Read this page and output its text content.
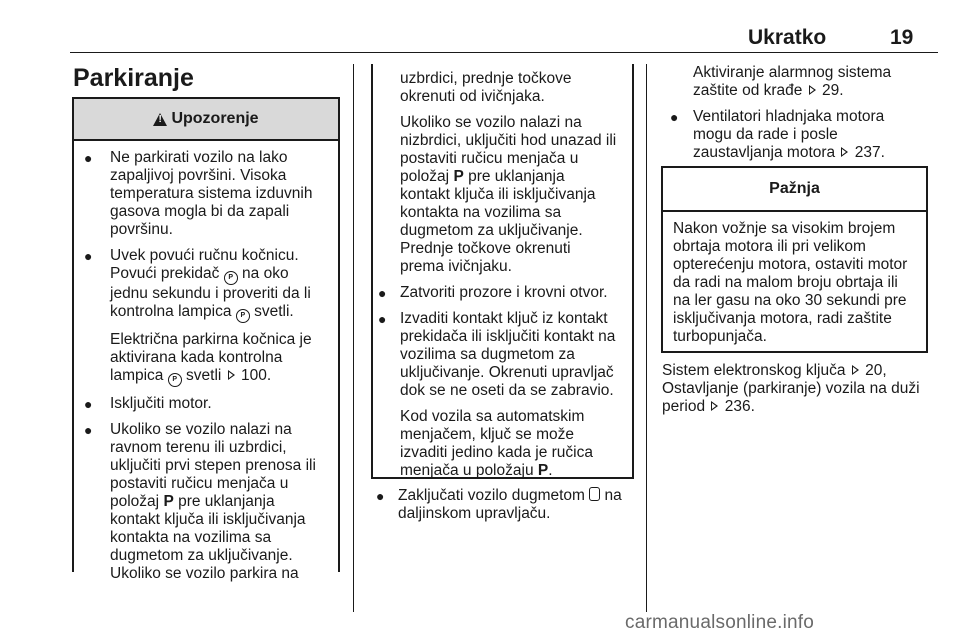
Ukratko	19
Parkiranje
!
Upozorenje
● Ne parkirati vozilo na lako
zapaljivoj površini. Visoka
temperatura sistema izduvnih
gasova mogla bi da zapali
površinu.
● Uvek povući ručnu kočnicu.
Povući prekidač P na oko
jednu sekundu i proveriti da li
kontrolna lampica P svetli.
Električna parkirna kočnica je
aktivirana kada kontrolna
lampica P svetli  100.
● Isključiti motor.
● Ukoliko se vozilo nalazi na
ravnom terenu ili uzbrdici,
uključiti prvi stepen prenosa ili
postaviti ručicu menjača u
položaj P pre uklanjanja
kontakt ključa ili isključivanja
kontakta na vozilima sa
dugmetom za uključivanje.
Ukoliko se vozilo parkira na
uzbrdici, prednje točkove
okrenuti od ivičnjaka.
Ukoliko se vozilo nalazi na
nizbrdici, uključiti hod unazad ili
postaviti ručicu menjača u
položaj P pre uklanjanja
kontakt ključa ili isključivanja
kontakta na vozilima sa
dugmetom za uključivanje.
Prednje točkove okrenuti
prema ivičnjaku.
● Zatvoriti prozore i krovni otvor.
● Izvaditi kontakt ključ iz kontakt
prekidača ili isključiti kontakt na
vozilima sa dugmetom za
uključivanje. Okrenuti upravljač
dok se ne oseti da se zabravio.
Kod vozila sa automatskim
menjačem, ključ se može
izvaditi jedino kada je ručica
menjača u položaju P.
● Zaključati vozilo dugmetom  na
daljinskom upravljaču.
Aktiviranje alarmnog sistema
zaštite od krađe  29.
● Ventilatori hladnjaka motora
mogu da rade i posle
zaustavljanja motora  237.
Pažnja
Nakon vožnje sa visokim brojem
obrtaja motora ili pri velikom
opterećenju motora, ostaviti motor
da radi na malom broju obrtaja ili
na ler gasu na oko 30 sekundi pre
isključivanja motora, radi zaštite
turbopunjača.
Sistem elektronskog ključa  20,
Ostavljanje (parkiranje) vozila na duži
period  236.
carmanualsonline.info
